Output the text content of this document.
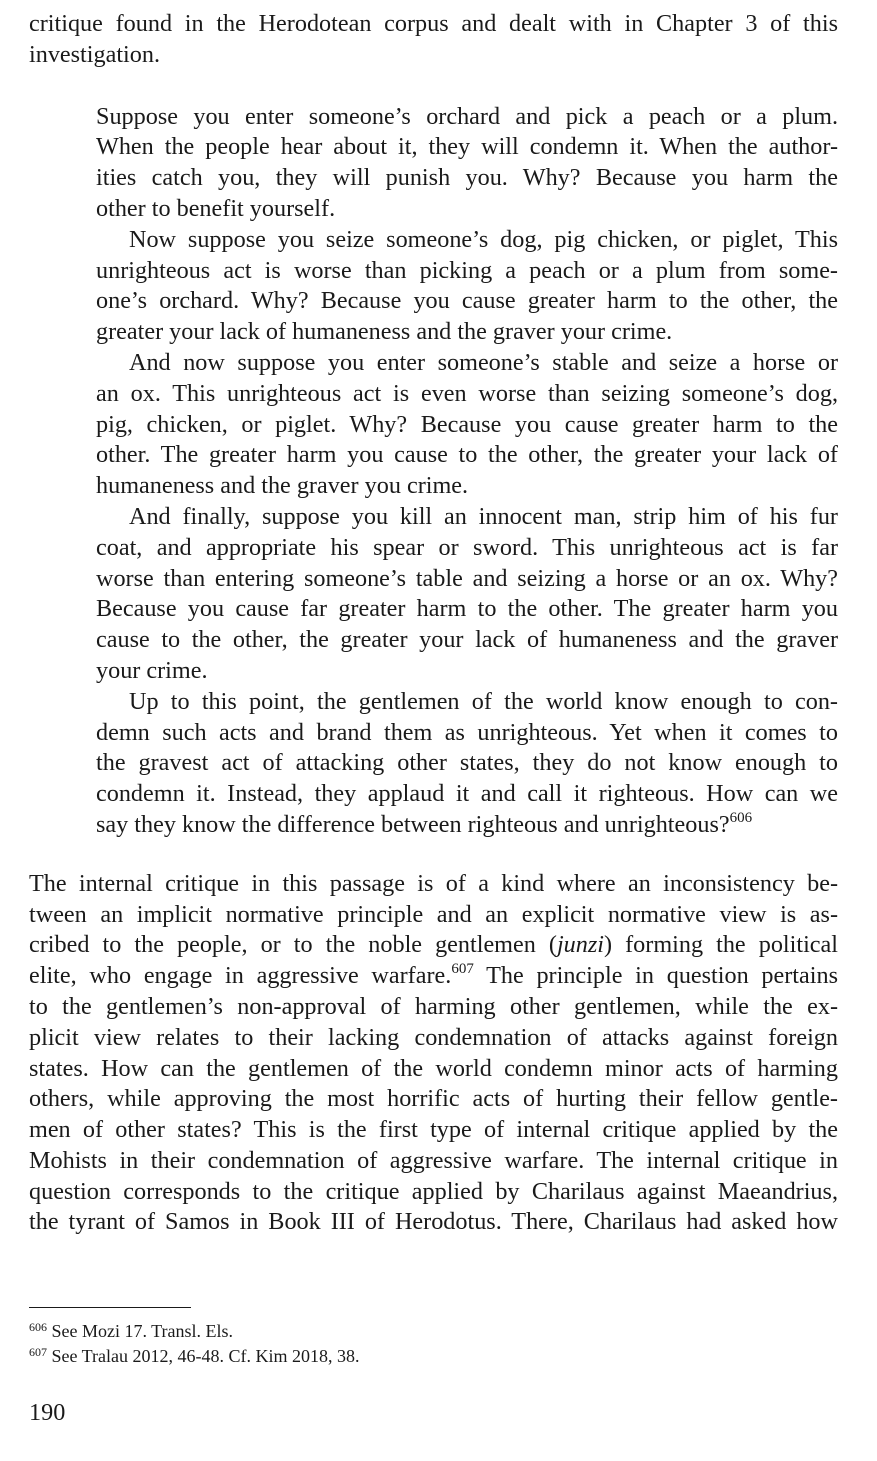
critique found in the Herodotean corpus and dealt with in Chapter 3 of this
investigation.
Suppose you enter someone’s orchard and pick a peach or a plum.
When the people hear about it, they will condemn it. When the author-
ities catch you, they will punish you. Why? Because you harm the
other to benefit yourself.
Now suppose you seize someone’s dog, pig chicken, or piglet, This
unrighteous act is worse than picking a peach or a plum from some-
one’s orchard. Why? Because you cause greater harm to the other, the
greater your lack of humaneness and the graver your crime.
And now suppose you enter someone’s stable and seize a horse or
an ox. This unrighteous act is even worse than seizing someone’s dog,
pig, chicken, or piglet. Why? Because you cause greater harm to the
other. The greater harm you cause to the other, the greater your lack of
humaneness and the graver you crime.
And finally, suppose you kill an innocent man, strip him of his fur
coat, and appropriate his spear or sword. This unrighteous act is far
worse than entering someone’s table and seizing a horse or an ox. Why?
Because you cause far greater harm to the other. The greater harm you
cause to the other, the greater your lack of humaneness and the graver
your crime.
Up to this point, the gentlemen of the world know enough to con-
demn such acts and brand them as unrighteous. Yet when it comes to
the gravest act of attacking other states, they do not know enough to
condemn it. Instead, they applaud it and call it righteous. How can we
say they know the difference between righteous and unrighteous?$^{606}$
The internal critique in this passage is of a kind where an inconsistency be-
tween an implicit normative principle and an explicit normative view is as-
cribed to the people, or to the noble gentlemen (junzi) forming the political
elite, who engage in aggressive warfare.$^{607}$ The principle in question pertains
to the gentlemen’s non-approval of harming other gentlemen, while the ex-
plicit view relates to their lacking condemnation of attacks against foreign
states. How can the gentlemen of the world condemn minor acts of harming
others, while approving the most horrific acts of hurting their fellow gentle-
men of other states? This is the first type of internal critique applied by the
Mohists in their condemnation of aggressive warfare. The internal critique in
question corresponds to the critique applied by Charilaus against Maeandrius,
the tyrant of Samos in Book III of Herodotus. There, Charilaus had asked how
$^{606}$ See Mozi 17. Transl. Els.
$^{607}$ See Tralau 2012, 46-48. Cf. Kim 2018, 38.
190
